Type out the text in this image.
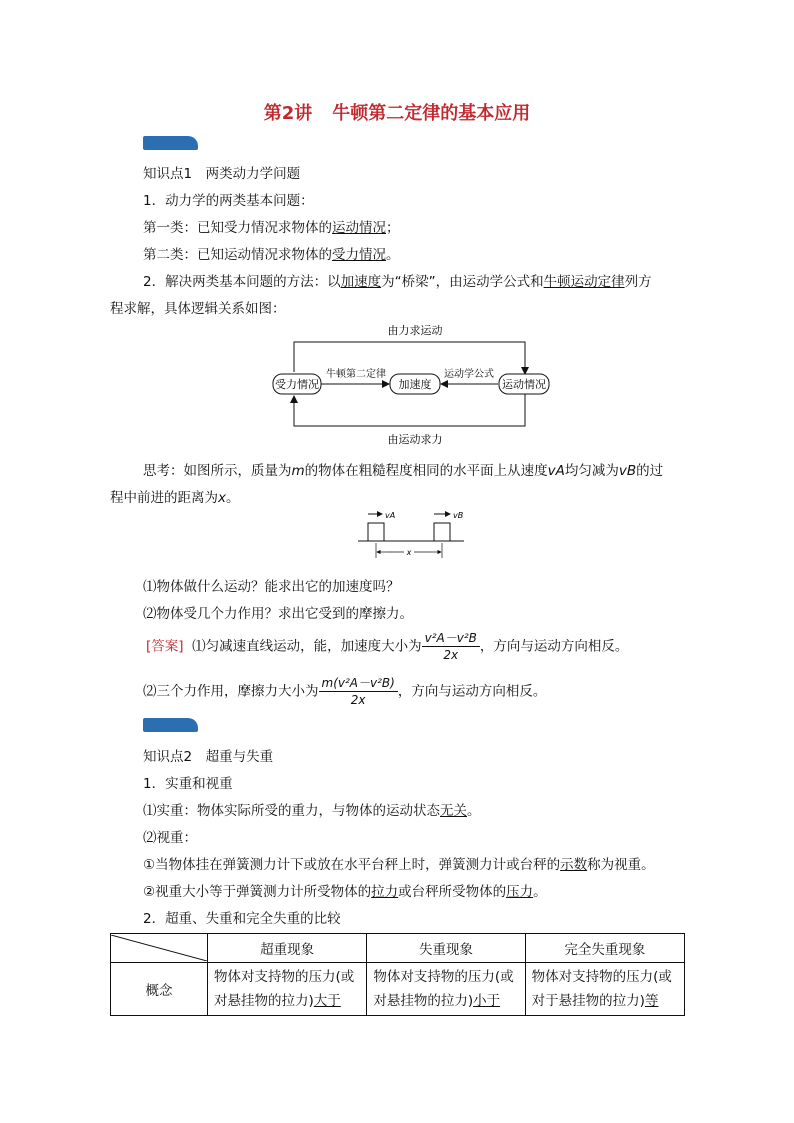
第2讲 牛顿第二定律的基本应用
知识点1　两类动力学问题
1．动力学的两类基本问题：
第一类：已知受力情况求物体的运动情况；
第二类：已知运动情况求物体的受力情况。
2．解决两类基本问题的方法：以加速度为“桥梁”，由运动学公式和牛顿运动定律列方
程求解，具体逻辑关系如图：
由力求运动
受力情况	加速度	运动情况
牛顿第二定律	运动学公式
由运动求力
思考：如图所示，质量为m的物体在粗糙程度相同的水平面上从速度vA均匀减为vB的过
程中前进的距离为x。
vA	vB
x
⑴物体做什么运动？能求出它的加速度吗？
⑵物体受几个力作用？求出它受到的摩擦力。
[答案] ⑴匀减速直线运动，能，加速度大小为 $\frac{\text{v²A－v²B}}{2x}$ ，方向与运动方向相反。
⑵三个力作用，摩擦力大小为 $\frac{\text{m(v²A－v²B)}}{2x}$ ，方向与运动方向相反。
知识点2　超重与失重
1．实重和视重
⑴实重：物体实际所受的重力，与物体的运动状态无关。
⑵视重：
①当物体挂在弹簧测力计下或放在水平台秤上时，弹簧测力计或台秤的示数称为视重。
②视重大小等于弹簧测力计所受物体的拉力或台秤所受物体的压力。
2．超重、失重和完全失重的比较
	超重现象	失重现象	完全失重现象
概念	物体对支持物的压力(或对悬挂物的拉力)大于	物体对支持物的压力(或对悬挂物的拉力)小于	物体对支持物的压力(或对于悬挂物的拉力)等
